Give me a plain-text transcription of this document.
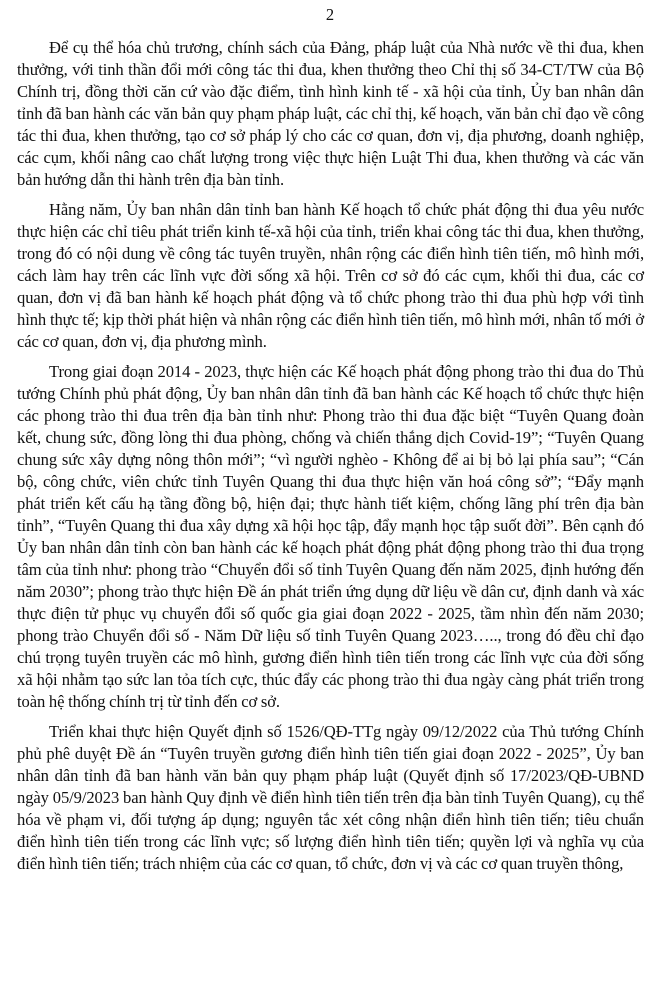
2

Để cụ thể hóa chủ trương, chính sách của Đảng, pháp luật của Nhà nước về thi đua, khen thưởng, với tinh thần đổi mới công tác thi đua, khen thưởng theo Chỉ thị số 34-CT/TW của Bộ Chính trị, đồng thời căn cứ vào đặc điểm, tình hình kinh tế - xã hội của tỉnh, Ủy ban nhân dân tỉnh đã ban hành các văn bản quy phạm pháp luật, các chỉ thị, kế hoạch, văn bản chỉ đạo về công tác thi đua, khen thưởng, tạo cơ sở pháp lý cho các cơ quan, đơn vị, địa phương, doanh nghiệp, các cụm, khối nâng cao chất lượng trong việc thực hiện Luật Thi đua, khen thưởng và các văn bản hướng dẫn thi hành trên địa bàn tỉnh.

Hằng năm, Ủy ban nhân dân tỉnh ban hành Kế hoạch tổ chức phát động thi đua yêu nước thực hiện các chỉ tiêu phát triển kinh tế-xã hội của tỉnh, triển khai công tác thi đua, khen thưởng, trong đó có nội dung về công tác tuyên truyền, nhân rộng các điển hình tiên tiến, mô hình mới, cách làm hay trên các lĩnh vực đời sống xã hội. Trên cơ sở đó các cụm, khối thi đua, các cơ quan, đơn vị đã ban hành kế hoạch phát động và tổ chức phong trào thi đua phù hợp với tình hình thực tế; kịp thời phát hiện và nhân rộng các điển hình tiên tiến, mô hình mới, nhân tố mới ở các cơ quan, đơn vị, địa phương mình.

Trong giai đoạn 2014 - 2023, thực hiện các Kế hoạch phát động phong trào thi đua do Thủ tướng Chính phủ phát động, Ủy ban nhân dân tỉnh đã ban hành các Kế hoạch tổ chức thực hiện các phong trào thi đua trên địa bàn tỉnh như: Phong trào thi đua đặc biệt “Tuyên Quang đoàn kết, chung sức, đồng lòng thi đua phòng, chống và chiến thắng dịch Covid-19”; “Tuyên Quang chung sức xây dựng nông thôn mới”; “vì người nghèo - Không để ai bị bỏ lại phía sau”; “Cán bộ, công chức, viên chức tỉnh Tuyên Quang thi đua thực hiện văn hoá công sở”; “Đẩy mạnh phát triển kết cấu hạ tầng đồng bộ, hiện đại; thực hành tiết kiệm, chống lãng phí trên địa bàn tỉnh”, “Tuyên Quang thi đua xây dựng xã hội học tập, đẩy mạnh học tập suốt đời”. Bên cạnh đó Ủy ban nhân dân tỉnh còn ban hành các kế hoạch phát động phát động phong trào thi đua trọng tâm của tỉnh như: phong trào “Chuyển đổi số tỉnh Tuyên Quang đến năm 2025, định hướng đến năm 2030”; phong trào thực hiện Đề án phát triển ứng dụng dữ liệu về dân cư, định danh và xác thực điện tử phục vụ chuyển đổi số quốc gia giai đoạn 2022 - 2025, tầm nhìn đến năm 2030; phong trào Chuyển đổi số - Năm Dữ liệu số tỉnh Tuyên Quang 2023….., trong đó đều chỉ đạo chú trọng tuyên truyền các mô hình, gương điển hình tiên tiến trong các lĩnh vực của đời sống xã hội nhằm tạo sức lan tỏa tích cực, thúc đẩy các phong trào thi đua ngày càng phát triển trong toàn hệ thống chính trị từ tỉnh đến cơ sở.

Triển khai thực hiện Quyết định số 1526/QĐ-TTg ngày 09/12/2022 của Thủ tướng Chính phủ phê duyệt Đề án “Tuyên truyền gương điển hình tiên tiến giai đoạn 2022 - 2025”, Ủy ban nhân dân tỉnh đã ban hành văn bản quy phạm pháp luật (Quyết định số 17/2023/QĐ-UBND ngày 05/9/2023 ban hành Quy định về điển hình tiên tiến trên địa bàn tỉnh Tuyên Quang), cụ thể hóa về phạm vi, đối tượng áp dụng; nguyên tắc xét công nhận điển hình tiên tiến; tiêu chuẩn điển hình tiên tiến trong các lĩnh vực; số lượng điển hình tiên tiến; quyền lợi và nghĩa vụ của điển hình tiên tiến; trách nhiệm của các cơ quan, tổ chức, đơn vị và các cơ quan truyền thông,
